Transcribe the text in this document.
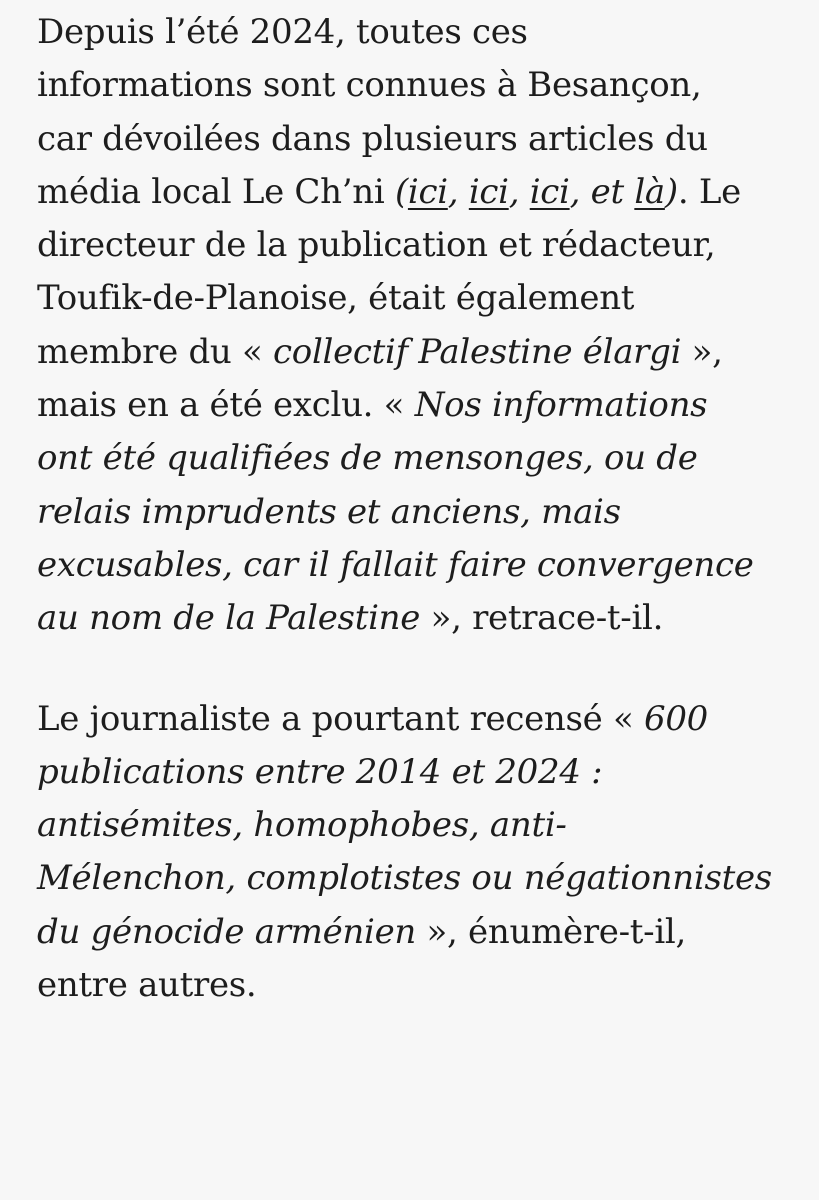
Depuis l’été 2024, toutes ces
informations sont connues à Besançon,
car dévoilées dans plusieurs articles du
média local Le Ch’ni (ici, ici, ici, et là). Le
directeur de la publication et rédacteur,
Toufik-de-Planoise, était également
membre du « collectif Palestine élargi »,
mais en a été exclu. « Nos informations
ont été qualifiées de mensonges, ou de
relais imprudents et anciens, mais
excusables, car il fallait faire convergence
au nom de la Palestine », retrace-t-il.

Le journaliste a pourtant recensé « 600
publications entre 2014 et 2024 :
antisémites, homophobes, anti-
Mélenchon, complotistes ou négationnistes
du génocide arménien », énumère-t-il,
entre autres.
